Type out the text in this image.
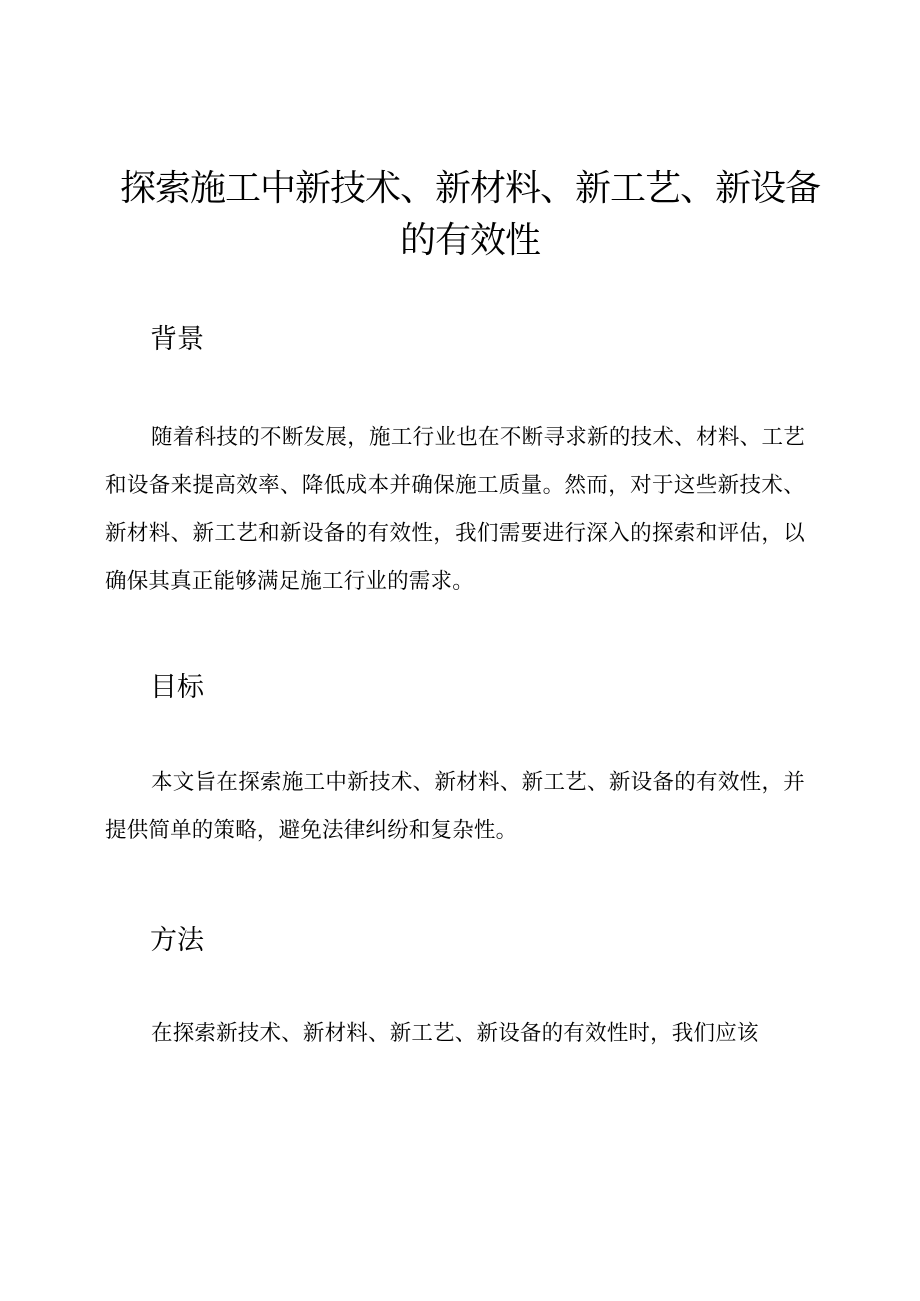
探索施工中新技术、新材料、新工艺、新设备的有效性
背景

随着科技的不断发展，施工行业也在不断寻求新的技术、材料、工艺和设备来提高效率、降低成本并确保施工质量。然而，对于这些新技术、新材料、新工艺和新设备的有效性，我们需要进行深入的探索和评估，以确保其真正能够满足施工行业的需求。

目标

本文旨在探索施工中新技术、新材料、新工艺、新设备的有效性，并提供简单的策略，避免法律纠纷和复杂性。

方法

在探索新技术、新材料、新工艺、新设备的有效性时，我们应该
